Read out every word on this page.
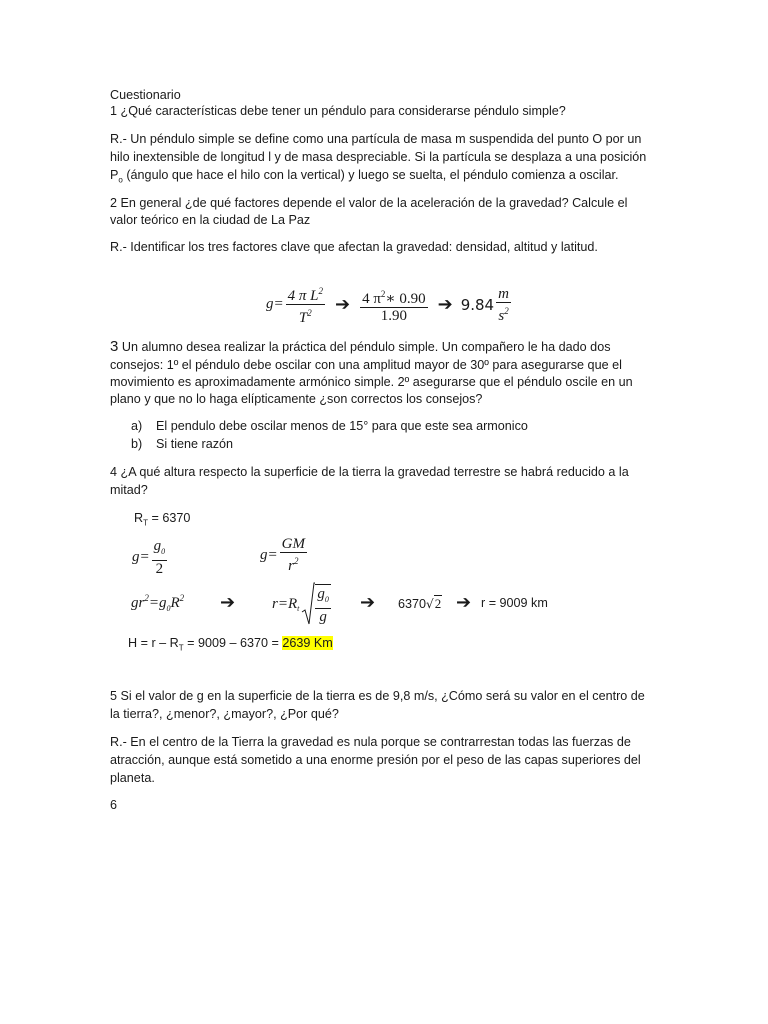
Cuestionario
1 ¿Qué características debe tener un péndulo para considerarse péndulo simple?
R.- Un péndulo simple se define como una partícula de masa m suspendida del punto O por un
hilo inextensible de longitud l y de masa despreciable. Si la partícula se desplaza a una posición
$P_o$ (ángulo que hace el hilo con la vertical) y luego se suelta, el péndulo comienza a oscilar.
2 En general ¿de qué factores depende el valor de la aceleración de la gravedad? Calcule el
valor teórico en la ciudad de La Paz
R.- Identificar los tres factores clave que afectan la gravedad: densidad, altitud y latitud.
$g= \frac{4 \pi L^2}{T^2}$ ➔ $\frac{4 \pi^2∗ 0.90}{1.90}$ ➔ $9.84 \frac{m}{s^2}$
3 Un alumno desea realizar la práctica del péndulo simple. Un compañero le ha dado dos
consejos: 1º el péndulo debe oscilar con una amplitud mayor de 30º para asegurarse que el
movimiento es aproximadamente armónico simple. 2º asegurarse que el péndulo oscile en un
plano y que no lo haga elípticamente ¿son correctos los consejos?
a) El pendulo debe oscilar menos de 15° para que este sea armonico
b) Si tiene razón
4 ¿A qué altura respecto la superficie de la tierra la gravedad terrestre se habrá reducido a la
mitad?
$R_T = 6370$
$g= \frac{g_0}{2}$	$g= \frac{GM}{r^2}$
$gr^2=g_0R^2$ ➔ r=R t $\frac{g_0}{g}$ ➔ 6370√2 ➔ r = 9009 km
$H = r - R_T = 9009 - 6370 = 2639$ Km
5 Si el valor de g en la superficie de la tierra es de 9,8 m/s, ¿Cómo será su valor en el centro de
la tierra?, ¿menor?, ¿mayor?, ¿Por qué?
R.- En el centro de la Tierra la gravedad es nula porque se contrarrestan todas las fuerzas de
atracción, aunque está sometido a una enorme presión por el peso de las capas superiores del
planeta.
6
